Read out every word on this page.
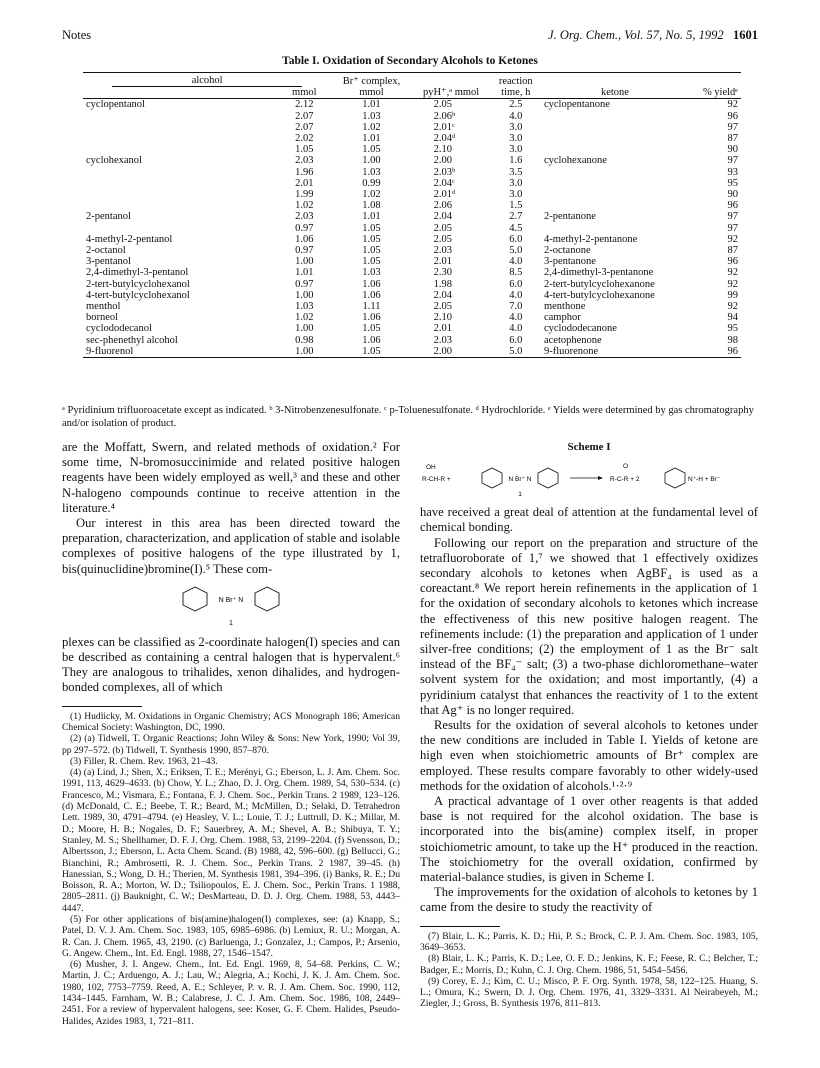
Notes	J. Org. Chem., Vol. 57, No. 5, 1992 1601
Table I. Oxidation of Secondary Alcohols to Ketones
alcohol		Br⁺ complex,		reaction		
	mmol	mmol	pyH⁺,ᵃ mmol	time, h	ketone	% yieldᵉ
cyclopentanol	2.12	1.01	2.05	2.5	cyclopentanone	92
	2.07	1.03	2.06ᵇ	4.0		96
	2.07	1.02	2.01ᶜ	3.0		97
	2.02	1.01	2.04ᵈ	3.0		87
	1.05	1.05	2.10	3.0		90
cyclohexanol	2.03	1.00	2.00	1.6	cyclohexanone	97
	1.96	1.03	2.03ᵇ	3.5		93
	2.01	0.99	2.04ᶜ	3.0		95
	1.99	1.02	2.01ᵈ	3.0		90
	1.02	1.08	2.06	1.5		96
2-pentanol	2.03	1.01	2.04	2.7	2-pentanone	97
	0.97	1.05	2.05	4.5		97
4-methyl-2-pentanol	1.06	1.05	2.05	6.0	4-methyl-2-pentanone	92
2-octanol	0.97	1.05	2.03	5.0	2-octanone	87
3-pentanol	1.00	1.05	2.01	4.0	3-pentanone	96
2,4-dimethyl-3-pentanol	1.01	1.03	2.30	8.5	2,4-dimethyl-3-pentanone	92
2-tert-butylcyclohexanol	0.97	1.06	1.98	6.0	2-tert-butylcyclohexanone	92
4-tert-butylcyclohexanol	1.00	1.06	2.04	4.0	4-tert-butylcyclohexanone	99
menthol	1.03	1.11	2.05	7.0	menthone	92
borneol	1.02	1.06	2.10	4.0	camphor	94
cyclododecanol	1.00	1.05	2.01	4.0	cyclododecanone	95
sec-phenethyl alcohol	0.98	1.06	2.03	6.0	acetophenone	98
9-fluorenol	1.00	1.05	2.00	5.0	9-fluorenone	96
ᵃ Pyridinium trifluoroacetate except as indicated. ᵇ 3-Nitrobenzenesulfonate. ᶜ p-Toluenesulfonate. ᵈ Hydrochloride. ᵉ Yields were determined by gas chromatography and/or isolation of product.

are the Moffatt, Swern, and related methods of oxidation.² For some time, N-bromosuccinimide and related positive halogen reagents have been widely employed as well,³ and these and other N-halogeno compounds continue to receive attention in the literature.⁴

Our interest in this area has been directed toward the preparation, characterization, and application of stable and isolable complexes of positive halogens of the type illustrated by 1, bis(quinuclidine)bromine(I).⁵ These com-

N Br⁺ N
1

plexes can be classified as 2-coordinate halogen(I) species and can be described as containing a central halogen that is hypervalent.⁶ They are analogous to trihalides, xenon dihalides, and hydrogen-bonded complexes, all of which

(1) Hudlicky, M. Oxidations in Organic Chemistry; ACS Monograph 186; American Chemical Society: Washington, DC, 1990.

(2) (a) Tidwell, T. Organic Reactions; John Wiley & Sons: New York, 1990; Vol 39, pp 297–572. (b) Tidwell, T. Synthesis 1990, 857–870.

(3) Filler, R. Chem. Rev. 1963, 21–43.

(4) (a) Lind, J.; Shen, X.; Eriksen, T. E.; Merényi, G.; Eberson, L. J. Am. Chem. Soc. 1991, 113, 4629–4633. (b) Chow, Y. L.; Zhao, D. J. Org. Chem. 1989, 54, 530–534. (c) Francesco, M.; Vismara, E.; Fontana, F. J. Chem. Soc., Perkin Trans. 2 1989, 123–126. (d) McDonald, C. E.; Beebe, T. R.; Beard, M.; McMillen, D.; Selaki, D. Tetrahedron Lett. 1989, 30, 4791–4794. (e) Heasley, V. L.; Louie, T. J.; Luttrull, D. K.; Millar, M. D.; Moore, H. B.; Nogales, D. F.; Sauerbrey, A. M.; Shevel, A. B.; Shibuya, T. Y.; Stanley, M. S.; Shellhamer, D. F. J. Org. Chem. 1988, 53, 2199–2204. (f) Svensson, D.; Albertsson, J.; Eberson, L. Acta Chem. Scand. (B) 1988, 42, 596–600. (g) Bellucci, G.; Bianchini, R.; Ambrosetti, R. J. Chem. Soc., Perkin Trans. 2 1987, 39–45. (h) Hanessian, S.; Wong, D. H.; Therien, M. Synthesis 1981, 394–396. (i) Banks, R. E.; Du Boisson, R. A.; Morton, W. D.; Tsiliopoulos, E. J. Chem. Soc., Perkin Trans. 1 1988, 2805–2811. (j) Bauknight, C. W.; DesMarteau, D. D. J. Org. Chem. 1988, 53, 4443–4447.

(5) For other applications of bis(amine)halogen(I) complexes, see: (a) Knapp, S.; Patel, D. V. J. Am. Chem. Soc. 1983, 105, 6985–6986. (b) Lemiux, R. U.; Morgan, A. R. Can. J. Chem. 1965, 43, 2190. (c) Barluenga, J.; Gonzalez, J.; Campos, P.; Arsenio, G. Angew. Chem., Int. Ed. Engl. 1988, 27, 1546–1547.

(6) Musher, J. I. Angew. Chem., Int. Ed. Engl. 1969, 8, 54–68. Perkins, C. W.; Martin, J. C.; Arduengo, A. J.; Lau, W.; Alegria, A.; Kochi, J. K. J. Am. Chem. Soc. 1980, 102, 7753–7759. Reed, A. E.; Schleyer, P. v. R. J. Am. Chem. Soc. 1990, 112, 1434–1445. Farnham, W. B.; Calabrese, J. C. J. Am. Chem. Soc. 1986, 108, 2449–2451. For a review of hypervalent halogens, see: Koser, G. F. Chem. Halides, Pseudo-Halides, Azides 1983, 1, 721–811.

Scheme I
OH
R-CH-R +	N Br⁺ N
1
O
R-C-R + 2	N⁺-H + Br⁻

have received a great deal of attention at the fundamental level of chemical bonding.

Following our report on the preparation and structure of the tetrafluoroborate of 1,⁷ we showed that 1 effectively oxidizes secondary alcohols to ketones when AgBF₄ is used as a coreactant.⁸ We report herein refinements in the application of 1 for the oxidation of secondary alcohols to ketones which increase the effectiveness of this new positive halogen reagent. The refinements include: (1) the preparation and application of 1 under silver-free conditions; (2) the employment of 1 as the Br⁻ salt instead of the BF₄⁻ salt; (3) a two-phase dichloromethane–water solvent system for the oxidation; and most importantly, (4) a pyridinium catalyst that enhances the reactivity of 1 to the extent that Ag⁺ is no longer required.

Results for the oxidation of several alcohols to ketones under the new conditions are included in Table I. Yields of ketone are high even when stoichiometric amounts of Br⁺ complex are employed. These results compare favorably to other widely-used methods for the oxidation of alcohols.¹·²·⁹

A practical advantage of 1 over other reagents is that added base is not required for the alcohol oxidation. The base is incorporated into the bis(amine) complex itself, in proper stoichiometric amount, to take up the H⁺ produced in the reaction. The stoichiometry for the overall oxidation, confirmed by material-balance studies, is given in Scheme I.

The improvements for the oxidation of alcohols to ketones by 1 came from the desire to study the reactivity of

(7) Blair, L. K.; Parris, K. D.; Hii, P. S.; Brock, C. P. J. Am. Chem. Soc. 1983, 105, 3649–3653.

(8) Blair, L. K.; Parris, K. D.; Lee, O. F. D.; Jenkins, K. F.; Feese, R. C.; Belcher, T.; Badger, E.; Morris, D.; Kuhn, C. J. Org. Chem. 1986, 51, 5454–5456.

(9) Corey, E. J.; Kim, C. U.; Misco, P. F. Org. Synth. 1978, 58, 122–125. Huang, S. L.; Omura, K.; Swern, D. J. Org. Chem. 1976, 41, 3329–3331. Al Neirabeyeh, M.; Ziegler, J.; Gross, B. Synthesis 1976, 811–813.
